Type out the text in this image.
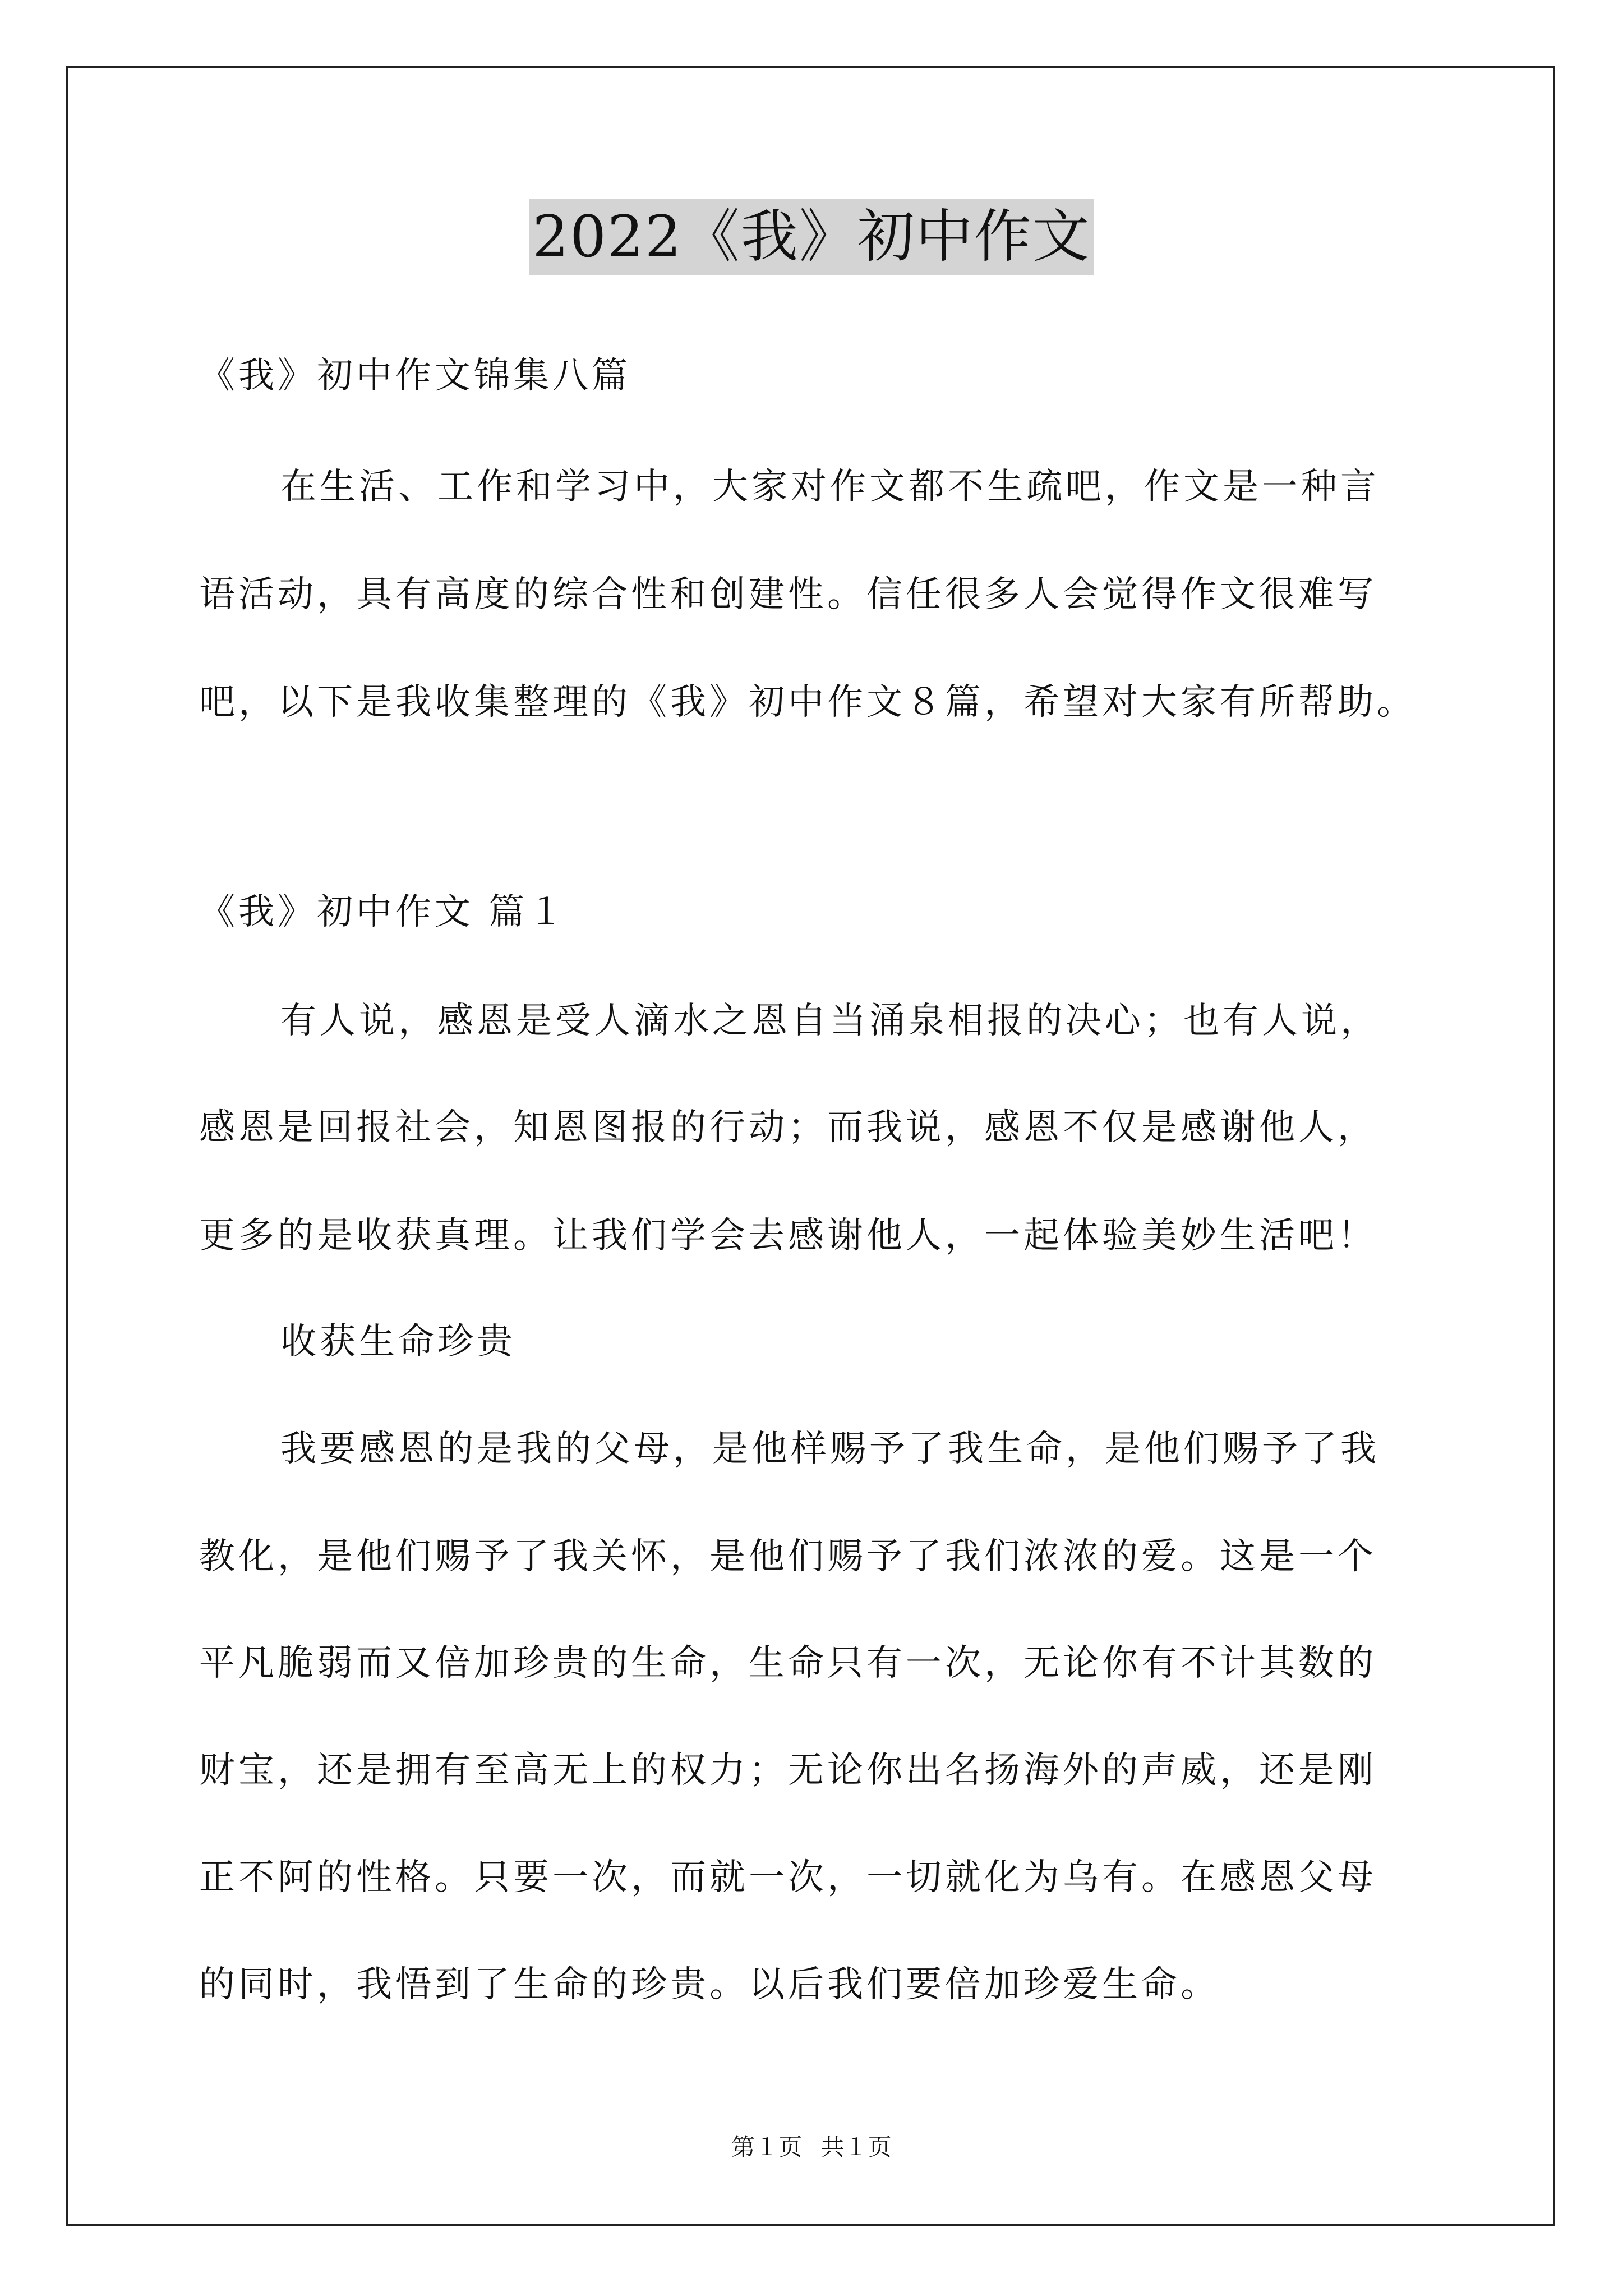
2022《我》初中作文
《我》初中作文锦集八篇
在生活、工作和学习中，大家对作文都不生疏吧，作文是一种言
语活动，具有高度的综合性和创建性。信任很多人会觉得作文很难写
吧，以下是我收集整理的《我》初中作文８篇，希望对大家有所帮助。
《我》初中作文 篇１
有人说，感恩是受人滴水之恩自当涌泉相报的决心；也有人说，
感恩是回报社会，知恩图报的行动；而我说，感恩不仅是感谢他人，
更多的是收获真理。让我们学会去感谢他人，一起体验美妙生活吧！
收获生命珍贵
我要感恩的是我的父母，是他样赐予了我生命，是他们赐予了我
教化，是他们赐予了我关怀，是他们赐予了我们浓浓的爱。这是一个
平凡脆弱而又倍加珍贵的生命，生命只有一次，无论你有不计其数的
财宝，还是拥有至高无上的权力；无论你出名扬海外的声威，还是刚
正不阿的性格。只要一次，而就一次，一切就化为乌有。在感恩父母
的同时，我悟到了生命的珍贵。以后我们要倍加珍爱生命。
第１页 共１页
